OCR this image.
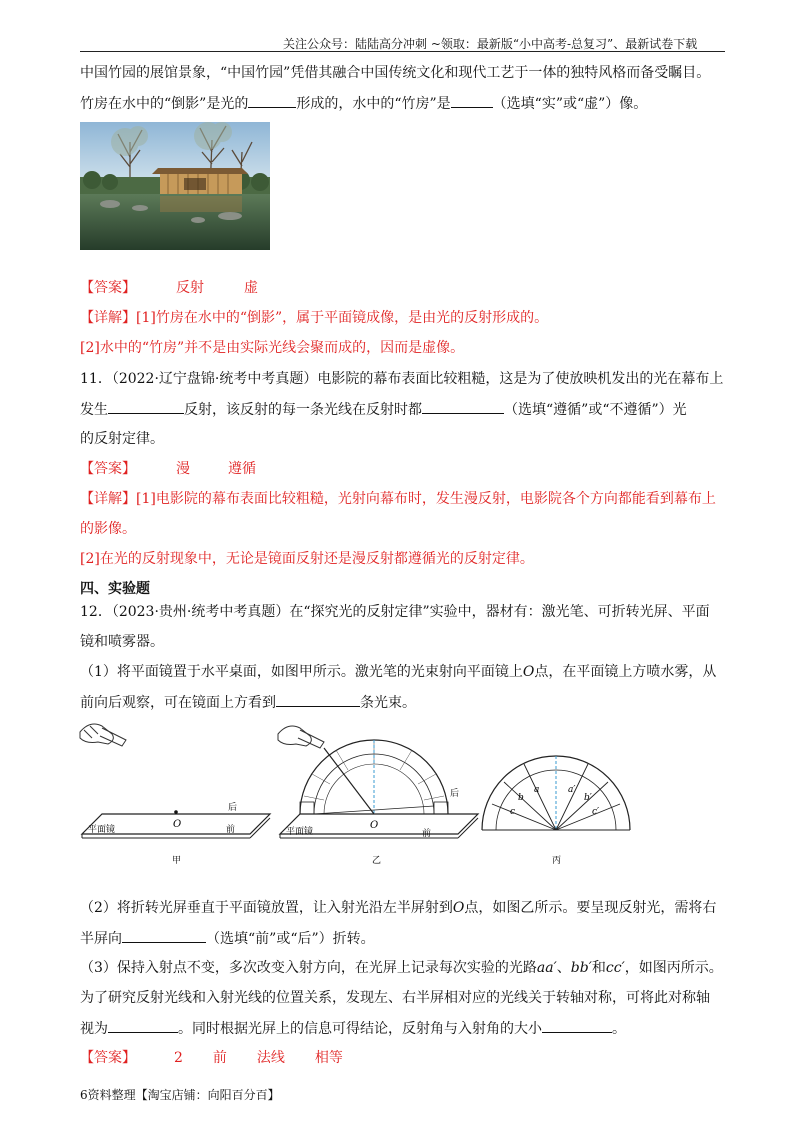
关注公众号：陆陆高分冲刺 ~领取：最新版“小中高考-总复习”、最新试卷下载
中国竹园的展馆景象，“中国竹园”凭借其融合中国传统文化和现代工艺于一体的独特风格而备受瞩目。
竹房在水中的“倒影”是光的	形成的，水中的“竹房”是	（选填“实”或“虚”）像。
【答案】	反射	虚
【详解】[1]竹房在水中的“倒影”，属于平面镜成像，是由光的反射形成的。
[2]水中的“竹房”并不是由实际光线会聚而成的，因而是虚像。
11．（2022·辽宁盘锦·统考中考真题）电影院的幕布表面比较粗糙，这是为了使放映机发出的光在幕布上
发生	反射，该反射的每一条光线在反射时都	（选填“遵循”或“不遵循”）光
的反射定律。
【答案】	漫	遵循
【详解】[1]电影院的幕布表面比较粗糙，光射向幕布时，发生漫反射，电影院各个方向都能看到幕布上
的影像。
[2]在光的反射现象中，无论是镜面反射还是漫反射都遵循光的反射定律。
四、实验题
12．（2023·贵州·统考中考真题）在“探究光的反射定律”实验中，器材有：激光笔、可折转光屏、平面
镜和喷雾器。
（1）将平面镜置于水平桌面，如图甲所示。激光笔的光束射向平面镜上O点，在平面镜上方喷水雾，从
前向后观察，可在镜面上方看到	条光束。
O
平面镜	前
后
甲
O
平面镜	前
后
乙
a
b
c
a′
b′
c′
丙
（2）将折转光屏垂直于平面镜放置，让入射光沿左半屏射到O点，如图乙所示。要呈现反射光，需将右
半屏向	（选填“前”或“后”）折转。
（3）保持入射点不变，多次改变入射方向，在光屏上记录每次实验的光路aa′、bb′和cc′，如图丙所示。
为了研究反射光线和入射光线的位置关系，发现左、右半屏相对应的光线关于转轴对称，可将此对称轴
视为	。同时根据光屏上的信息可得结论，反射角与入射角的大小	。
【答案】	2 前 法线 相等
6资料整理【淘宝店铺：向阳百分百】
